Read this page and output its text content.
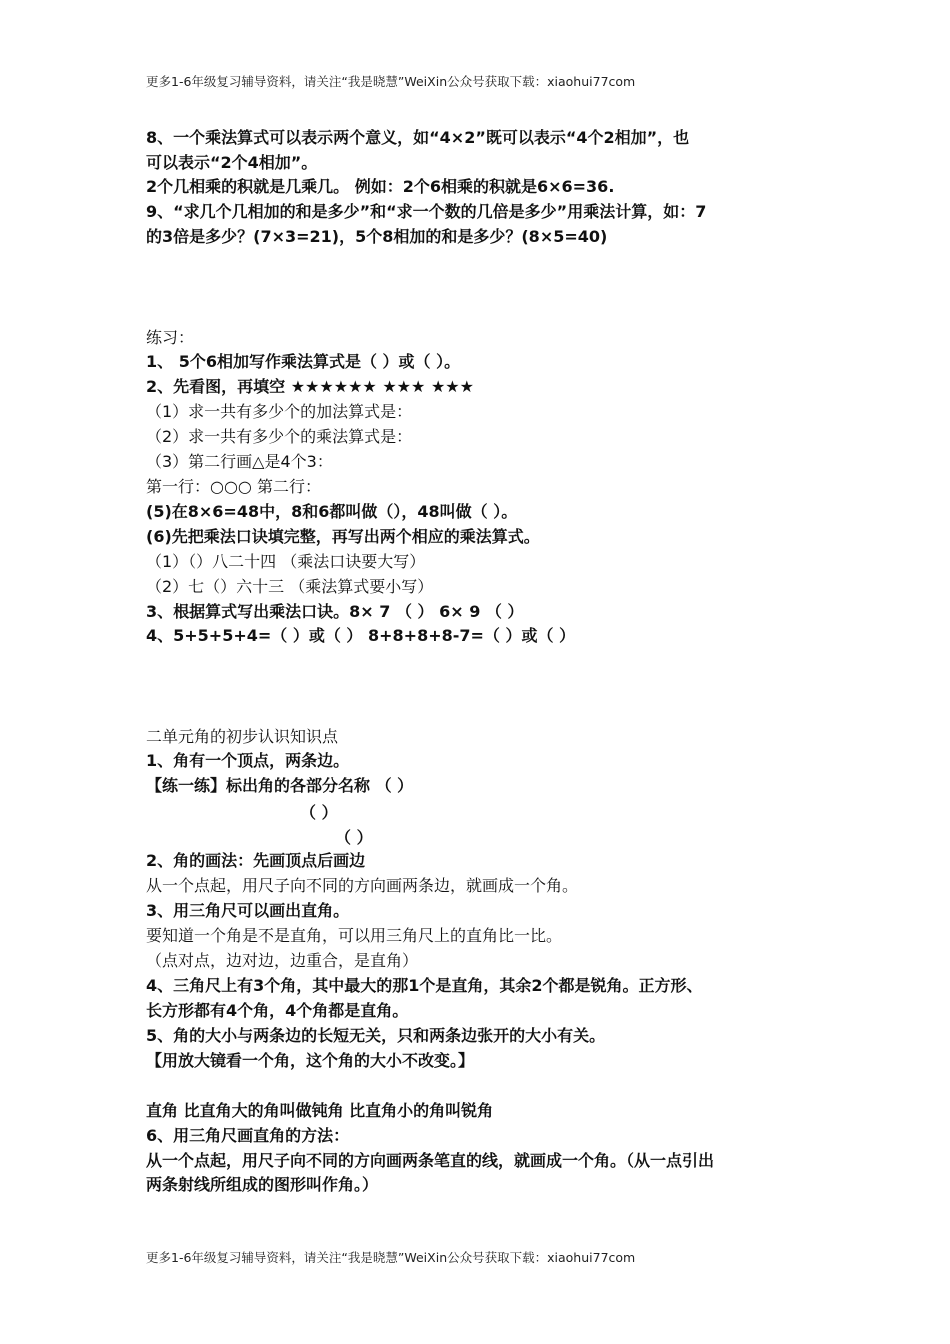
更多1-6年级复习辅导资料，请关注“我是晓慧”WeiXin公众号获取下载：xiaohui77com
8、一个乘法算式可以表示两个意义，如“4×2”既可以表示“4个2相加”，也
可以表示“2个4相加”。
2个几相乘的积就是几乘几。 例如：2个6相乘的积就是6×6=36.
9、“求几个几相加的和是多少”和“求一个数的几倍是多少”用乘法计算，如：7
的3倍是多少？(7×3=21)，5个8相加的和是多少？(8×5=40)
练习：
1、 5个6相加写作乘法算式是（ ）或（ ）。
2、先看图，再填空 ★★★★★★ ★★★ ★★★
（1）求一共有多少个的加法算式是：
（2）求一共有多少个的乘法算式是：
（3）第二行画△是4个3：
第一行：○○○ 第二行：
(5)在8×6=48中，8和6都叫做（），48叫做（ ）。
(6)先把乘法口诀填完整，再写出两个相应的乘法算式。
（1）（）八二十四 （乘法口诀要大写）
（2）七（）六十三 （乘法算式要小写）
3、根据算式写出乘法口诀。8× 7 （ ） 6× 9 （ ）
4、5+5+5+4=（ ）或（ ） 8+8+8+8-7=（ ）或（ ）
二单元角的初步认识知识点
1、角有一个顶点，两条边。
【练一练】标出角的各部分名称 （ ）
（ ）
（ ）
2、角的画法：先画顶点后画边
从一个点起，用尺子向不同的方向画两条边，就画成一个角。
3、用三角尺可以画出直角。
要知道一个角是不是直角，可以用三角尺上的直角比一比。
（点对点，边对边，边重合，是直角）
4、三角尺上有3个角，其中最大的那1个是直角，其余2个都是锐角。正方形、
长方形都有4个角，4个角都是直角。
5、角的大小与两条边的长短无关，只和两条边张开的大小有关。
【用放大镜看一个角，这个角的大小不改变。】
直角 比直角大的角叫做钝角 比直角小的角叫锐角
6、用三角尺画直角的方法：
从一个点起，用尺子向不同的方向画两条笔直的线，就画成一个角。（从一点引出
两条射线所组成的图形叫作角。）
更多1-6年级复习辅导资料，请关注“我是晓慧”WeiXin公众号获取下载：xiaohui77com
